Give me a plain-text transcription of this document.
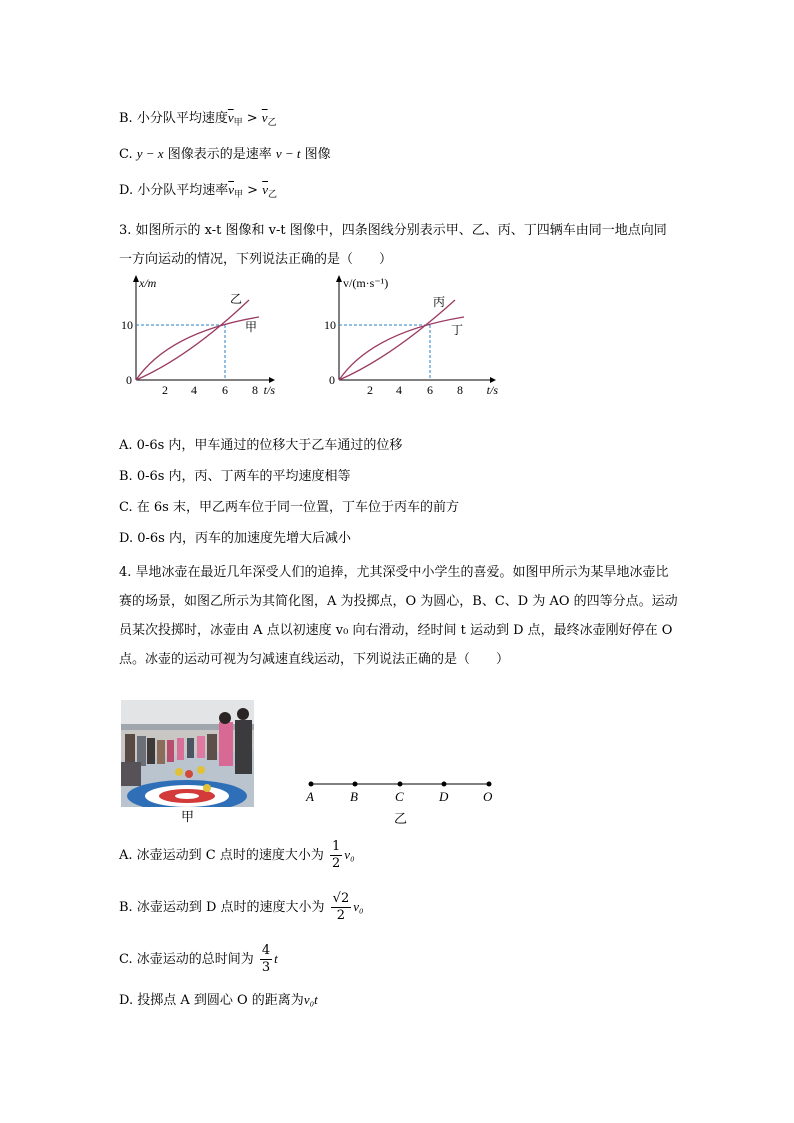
B. 小分队平均速度$\overline{v}_甲 > \overline{v}_乙$
C. y − x 图像表示的是速率 v − t 图像
D. 小分队平均速率$\overline{v}_甲 > \overline{v}_乙$
3. 如图所示的 x-t 图像和 v-t 图像中，四条图线分别表示甲、乙、丙、丁四辆车由同一地点向同一方向运动的情况，下列说法正确的是（　　）
x/m
10
0
2 4 6 8 t/s
乙
甲
v/(m·s⁻¹)
10
0
2 4 6 8 t/s
丙
丁
A. 0-6s 内，甲车通过的位移大于乙车通过的位移
B. 0-6s 内，丙、丁两车的平均速度相等
C. 在 6s 末，甲乙两车位于同一位置，丁车位于丙车的前方
D. 0-6s 内，丙车的加速度先增大后减小
4. 旱地冰壶在最近几年深受人们的追捧，尤其深受中小学生的喜爱。如图甲所示为某旱地冰壶比赛的场景，如图乙所示为其简化图，A 为投掷点，O 为圆心，B、C、D 为 AO 的四等分点。运动员某次投掷时，冰壶由 A 点以初速度 v₀ 向右滑动，经时间 t 运动到 D 点，最终冰壶刚好停在 O 点。冰壶的运动可视为匀减速直线运动，下列说法正确的是（　　）
甲
A	B	C	D	O
乙
A. 冰壶运动到 C 点时的速度大小为 $\frac{1}{2} v_0$
B. 冰壶运动到 D 点时的速度大小为 $\frac{√2}{2} v_0$
C. 冰壶运动的总时间为 $\frac{4}{3}$ t
D. 投掷点 A 到圆心 O 的距离为v₀t
